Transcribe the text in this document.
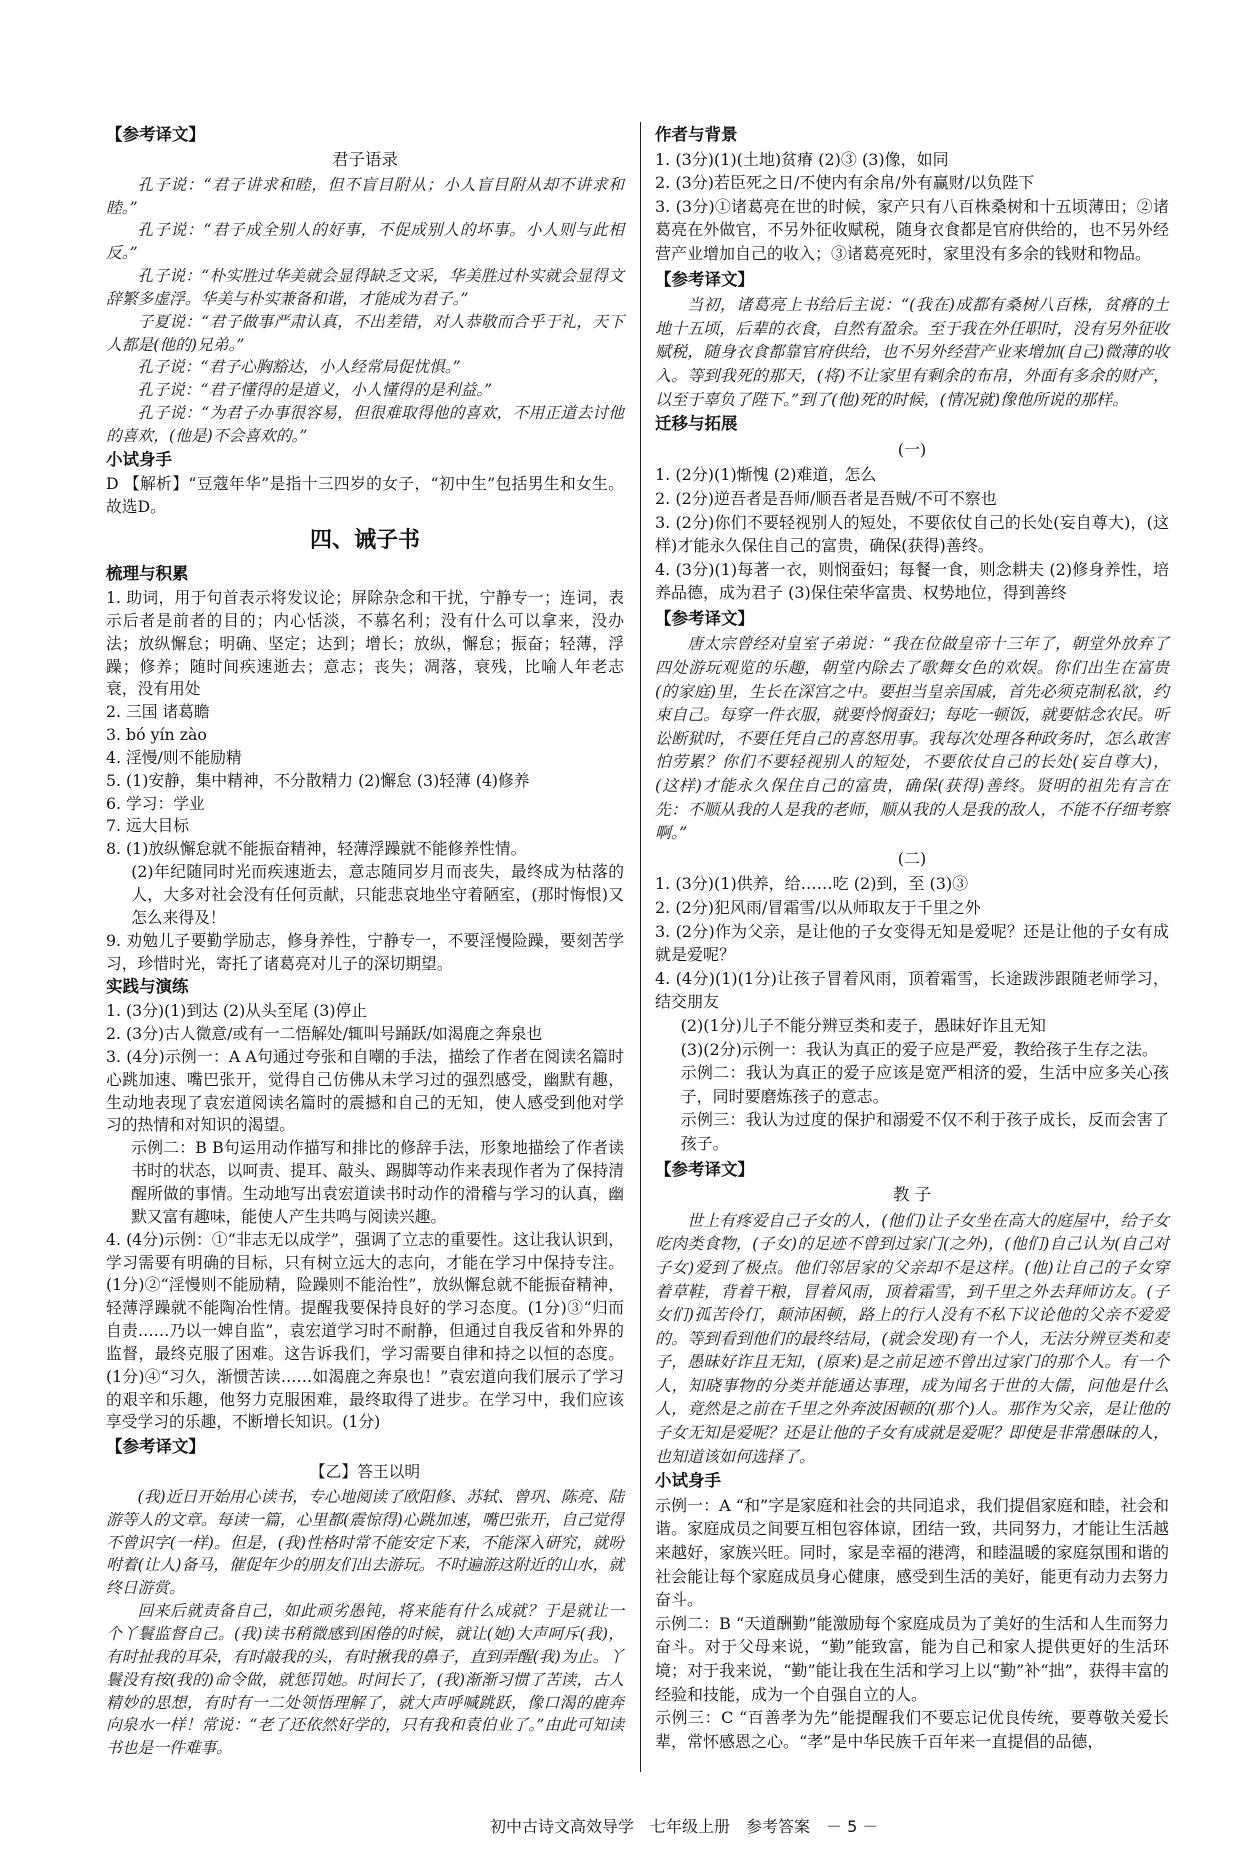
【 参考译文 】
君子语录

孔子说：“君子讲求和睦，但不盲目附从；小人盲目附从却不讲求和睦。”

孔子说：“君子成全别人的好事，不促成别人的坏事。小人则与此相反。”

孔子说：“朴实胜过华美就会显得缺乏文采，华美胜过朴实就会显得文辞繁多虚浮。华美与朴实兼备和谐，才能成为君子。”

子夏说：“君子做事严肃认真，不出差错，对人恭敬而合乎于礼，天下人都是(他的)兄弟。”

孔子说：“君子心胸豁达，小人经常局促忧惧。”

孔子说：“君子懂得的是道义，小人懂得的是利益。”

孔子说：“为君子办事很容易，但很难取得他的喜欢，不用正道去讨他的喜欢，(他是)不会喜欢的。”

小试身手

D 【解析】“豆蔻年华”是指十三四岁的女子，“初中生”包括男生和女生。故选D。

四、诫子书
梳理与积累

1. 助词，用于句首表示将发议论；屏除杂念和干扰，宁静专一；连词，表示后者是前者的目的；内心恬淡，不慕名利；没有什么可以拿来，没办法；放纵懈怠；明确、坚定；达到；增长；放纵，懈怠；振奋；轻薄，浮躁；修养；随时间疾速逝去；意志；丧失；凋落，衰残，比喻人年老志衰，没有用处

2. 三国 诸葛瞻

3. bó yín zào

4. 淫慢/则不能励精

5. (1)安静，集中精神，不分散精力 (2)懈怠 (3)轻薄 (4)修养

6. 学习：学业

7. 远大目标

8. (1)放纵懈怠就不能振奋精神，轻薄浮躁就不能修养性情。

(2)年纪随同时光而疾速逝去，意志随同岁月而丧失，最终成为枯落的人，大多对社会没有任何贡献，只能悲哀地坐守着陋室，(那时悔恨)又怎么来得及！

9. 劝勉儿子要勤学励志，修身养性，宁静专一，不要淫慢险躁，要刻苦学习，珍惜时光，寄托了诸葛亮对儿子的深切期望。

实践与演练

1. (3分)(1)到达 (2)从头至尾 (3)停止

2. (3分)古人微意/或有一二悟解处/辄叫号踊跃/如渴鹿之奔泉也

3. (4分)示例一：A A句通过夸张和自嘲的手法，描绘了作者在阅读名篇时心跳加速、嘴巴张开，觉得自己仿佛从未学习过的强烈感受，幽默有趣，生动地表现了袁宏道阅读名篇时的震撼和自己的无知，使人感受到他对学习的热情和对知识的渴望。

示例二：B B句运用动作描写和排比的修辞手法，形象地描绘了作者读书时的状态，以呵责、提耳、敲头、踢脚等动作来表现作者为了保持清醒所做的事情。生动地写出袁宏道读书时动作的滑稽与学习的认真，幽默又富有趣味，能使人产生共鸣与阅读兴趣。

4. (4分)示例：①“非志无以成学”，强调了立志的重要性。这让我认识到，学习需要有明确的目标，只有树立远大的志向，才能在学习中保持专注。(1分)②“淫慢则不能励精，险躁则不能治性”，放纵懈怠就不能振奋精神，轻薄浮躁就不能陶冶性情。提醒我要保持良好的学习态度。(1分)③“归而自责……乃以一婢自监”，袁宏道学习时不耐静，但通过自我反省和外界的监督，最终克服了困难。这告诉我们，学习需要自律和持之以恒的态度。(1分)④“习久，渐惯苦读……如渴鹿之奔泉也！”袁宏道向我们展示了学习的艰辛和乐趣，他努力克服困难，最终取得了进步。在学习中，我们应该享受学习的乐趣，不断增长知识。(1分)

【 参考译文 】
【乙】答王以明

(我)近日开始用心读书，专心地阅读了欧阳修、苏轼、曾巩、陈亮、陆游等人的文章。每读一篇，心里都(震惊得)心跳加速，嘴巴张开，自己觉得不曾识字(一样)。但是，(我)性格时常不能安定下来，不能深入研究，就吩咐着(让人)备马，催促年少的朋友们出去游玩。不时遍游这附近的山水，就终日游赏。

回来后就责备自己，如此顽劣愚钝，将来能有什么成就？于是就让一个丫鬟监督自己。(我)读书稍微感到困倦的时候，就让(她)大声呵斥(我)，有时扯我的耳朵，有时敲我的头，有时揪我的鼻子，直到弄醒(我)为止。丫鬟没有按(我的)命令做，就惩罚她。时间长了，(我)渐渐习惯了苦读，古人精妙的思想，有时有一二处领悟理解了，就大声呼喊跳跃，像口渴的鹿奔向泉水一样！常说：“老了还依然好学的，只有我和袁伯业了。”由此可知读书也是一件难事。

作者与背景

1. (3分)(1)(土地)贫瘠 (2)③ (3)像，如同

2. (3分)若臣死之日/不使内有余帛/外有赢财/以负陛下

3. (3分)①诸葛亮在世的时候，家产只有八百株桑树和十五顷薄田；②诸葛亮在外做官，不另外征收赋税，随身衣食都是官府供给的，也不另外经营产业增加自己的收入；③诸葛亮死时，家里没有多余的钱财和物品。

【 参考译文 】

当初，诸葛亮上书给后主说：“(我在)成都有桑树八百株，贫瘠的土地十五顷，后辈的衣食，自然有盈余。至于我在外任职时，没有另外征收赋税，随身衣食都靠官府供给，也不另外经营产业来增加(自己)微薄的收入。等到我死的那天，(将)不让家里有剩余的布帛，外面有多余的财产，以至于辜负了陛下。”到了(他)死的时候，(情况就)像他所说的那样。

迁移与拓展
(一)

1. (2分)(1)惭愧 (2)难道，怎么

2. (2分)逆吾者是吾师/顺吾者是吾贼/不可不察也

3. (2分)你们不要轻视别人的短处，不要依仗自己的长处(妄自尊大)，(这样)才能永久保住自己的富贵，确保(获得)善终。

4. (3分)(1)每著一衣，则悯蚕妇；每餐一食，则念耕夫 (2)修身养性，培养品德，成为君子 (3)保住荣华富贵、权势地位，得到善终

【 参考译文 】

唐太宗曾经对皇室子弟说：“我在位做皇帝十三年了，朝堂外放弃了四处游玩观览的乐趣，朝堂内除去了歌舞女色的欢娱。你们出生在富贵(的家庭)里，生长在深宫之中。要担当皇亲国戚，首先必须克制私欲，约束自己。每穿一件衣服，就要怜悯蚕妇；每吃一顿饭，就要惦念农民。听讼断狱时，不要任凭自己的喜怒用事。我每次处理各种政务时，怎么敢害怕劳累？你们不要轻视别人的短处，不要依仗自己的长处(妄自尊大)，(这样)才能永久保住自己的富贵，确保(获得)善终。贤明的祖先有言在先：不顺从我的人是我的老师，顺从我的人是我的敌人，不能不仔细考察啊。”

(二)

1. (3分)(1)供养，给……吃 (2)到，至 (3)③

2. (2分)犯风雨/冒霜雪/以从师取友于千里之外

3. (2分)作为父亲，是让他的子女变得无知是爱呢？还是让他的子女有成就是爱呢？

4. (4分)(1)(1分)让孩子冒着风雨，顶着霜雪，长途跋涉跟随老师学习，结交朋友

(2)(1分)儿子不能分辨豆类和麦子，愚昧好诈且无知

(3)(2分)示例一：我认为真正的爱子应是严爱，教给孩子生存之法。

示例二：我认为真正的爱子应该是宽严相济的爱，生活中应多关心孩子，同时要磨炼孩子的意志。

示例三：我认为过度的保护和溺爱不仅不利于孩子成长，反而会害了孩子。

【 参考译文 】
教 子

世上有疼爱自己子女的人，(他们)让子女坐在高大的庭屋中，给子女吃肉类食物，(子女)的足迹不曾到过家门(之外)，(他们)自己认为(自己对子女)爱到了极点。他们邻居家的父亲却不是这样。(他)让自己的子女穿着草鞋，背着干粮，冒着风雨，顶着霜雪，到千里之外去拜师访友。(子女们)孤苦伶仃，颠沛困顿，路上的行人没有不私下议论他的父亲不爱爱的。等到看到他们的最终结局，(就会发现)有一个人，无法分辨豆类和麦子，愚昧好诈且无知，(原来)是之前足迹不曾出过家门的那个人。有一个人，知晓事物的分类并能通达事理，成为闻名于世的大儒，问他是什么人，竟然是之前在千里之外奔波困顿的(那个)人。那作为父亲，是让他的子女无知是爱呢？还是让他的子女有成就是爱呢？即使是非常愚昧的人，也知道该如何选择了。

小试身手

示例一：A “和”字是家庭和社会的共同追求，我们提倡家庭和睦，社会和谐。家庭成员之间要互相包容体谅，团结一致，共同努力，才能让生活越来越好，家族兴旺。同时，家是幸福的港湾，和睦温暖的家庭氛围和谐的社会能让每个家庭成员身心健康，感受到生活的美好，能更有动力去努力奋斗。

示例二：B “天道酬勤”能激励每个家庭成员为了美好的生活和人生而努力奋斗。对于父母来说，“勤”能致富，能为自己和家人提供更好的生活环境；对于我来说，“勤”能让我在生活和学习上以“勤”补“拙”，获得丰富的经验和技能，成为一个自强自立的人。

示例三：C “百善孝为先”能提醒我们不要忘记优良传统，要尊敬关爱长辈，常怀感恩之心。“孝”是中华民族千百年来一直提倡的品德，

初中古诗文高效导学　七年级上册　参考答案　－ 5 －
